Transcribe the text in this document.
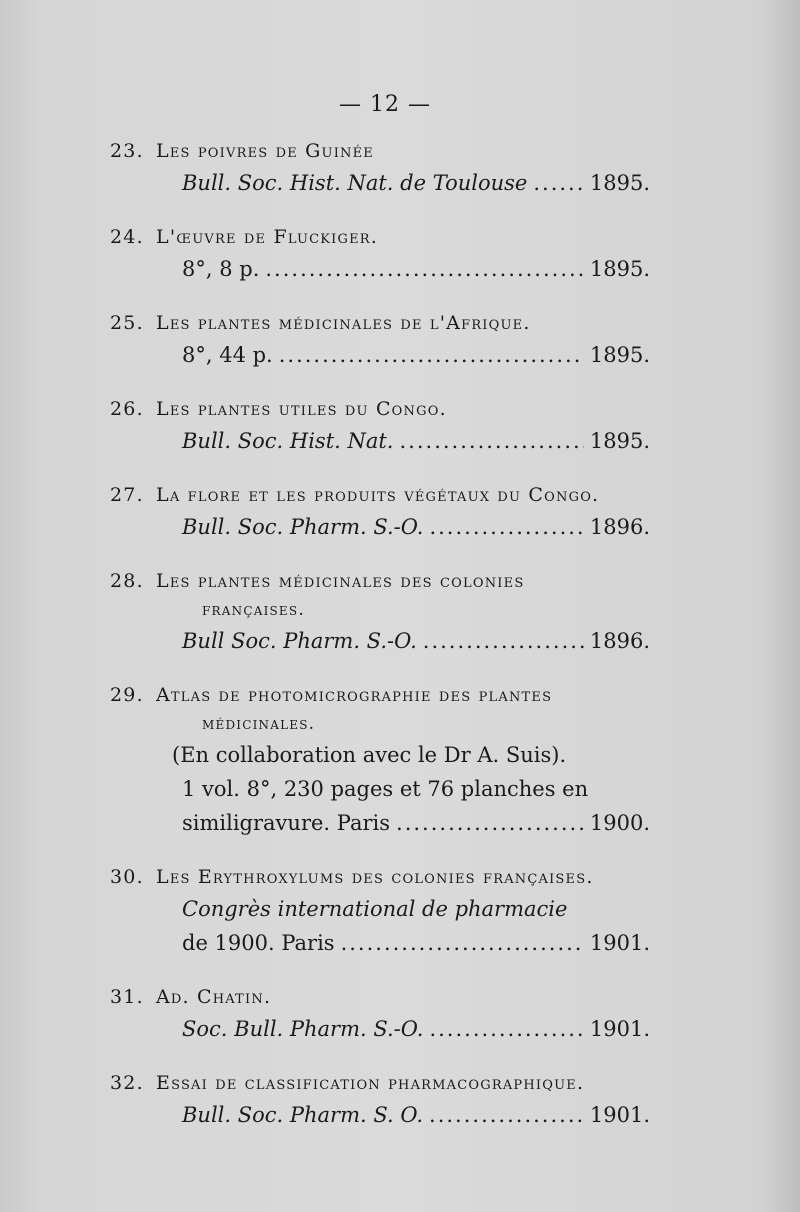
— 12 —
23. Les poivres de Guinée
Bull. Soc. Hist. Nat. de Toulouse .....	1895.
24. L'œuvre de Fluckiger.
8°, 8 p. .....	1895.
25. Les plantes médicinales de l'Afrique.
8°, 44 p. .....	1895.
26. Les plantes utiles du Congo.
Bull. Soc. Hist. Nat. .....	1895.
27. La flore et les produits végétaux du Congo.
Bull. Soc. Pharm. S.-O. .....	1896.
28. Les plantes médicinales des colonies
françaises.
Bull Soc. Pharm. S.-O. .....	1896.
29. Atlas de photomicrographie des plantes
médicinales.
(En collaboration avec le Dr A. Suis).
1 vol. 8°, 230 pages et 76 planches en
similigravure. Paris .....	1900.
30. Les Erythroxylums des colonies françaises.
Congrès international de pharmacie
de 1900. Paris .....	1901.
31. Ad. Chatin.
Soc. Bull. Pharm. S.-O. .....	1901.
32. Essai de classification pharmacographique.
Bull. Soc. Pharm. S. O. .....	1901.
